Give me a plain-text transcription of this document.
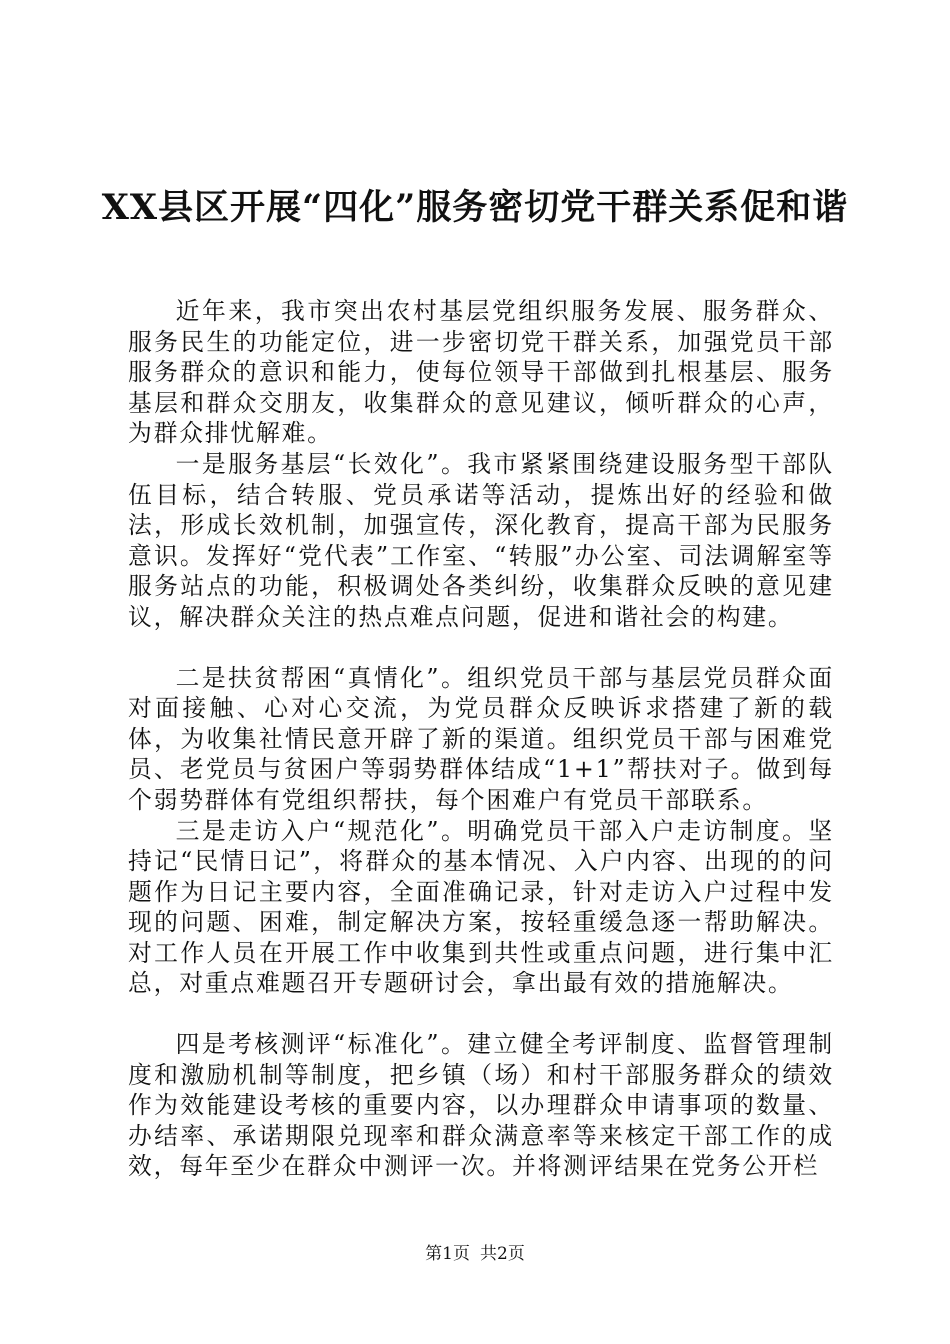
XX县区开展“四化”服务密切党干群关系促和谐

近年来，我市突出农村基层党组织服务发展、服务群众、服务民生的功能定位，进一步密切党干群关系，加强党员干部服务群众的意识和能力，使每位领导干部做到扎根基层、服务基层和群众交朋友，收集群众的意见建议，倾听群众的心声，为群众排忧解难。

一是服务基层“长效化”。我市紧紧围绕建设服务型干部队伍目标，结合转服、党员承诺等活动，提炼出好的经验和做法，形成长效机制，加强宣传，深化教育，提高干部为民服务意识。发挥好“党代表”工作室、“转服”办公室、司法调解室等服务站点的功能，积极调处各类纠纷，收集群众反映的意见建议，解决群众关注的热点难点问题，促进和谐社会的构建。

二是扶贫帮困“真情化”。组织党员干部与基层党员群众面对面接触、心对心交流，为党员群众反映诉求搭建了新的载体，为收集社情民意开辟了新的渠道。组织党员干部与困难党员、老党员与贫困户等弱势群体结成“1+1”帮扶对子。做到每个弱势群体有党组织帮扶，每个困难户有党员干部联系。

三是走访入户“规范化”。明确党员干部入户走访制度。坚持记“民情日记”，将群众的基本情况、入户内容、出现的的问题作为日记主要内容，全面准确记录，针对走访入户过程中发现的问题、困难，制定解决方案，按轻重缓急逐一帮助解决。对工作人员在开展工作中收集到共性或重点问题，进行集中汇总，对重点难题召开专题研讨会，拿出最有效的措施解决。

四是考核测评“标准化”。建立健全考评制度、监督管理制度和激励机制等制度，把乡镇（场）和村干部服务群众的绩效作为效能建设考核的重要内容，以办理群众申请事项的数量、办结率、承诺期限兑现率和群众满意率等来核定干部工作的成效，每年至少在群众中测评一次。并将测评结果在党务公开栏

第1页 共2页
